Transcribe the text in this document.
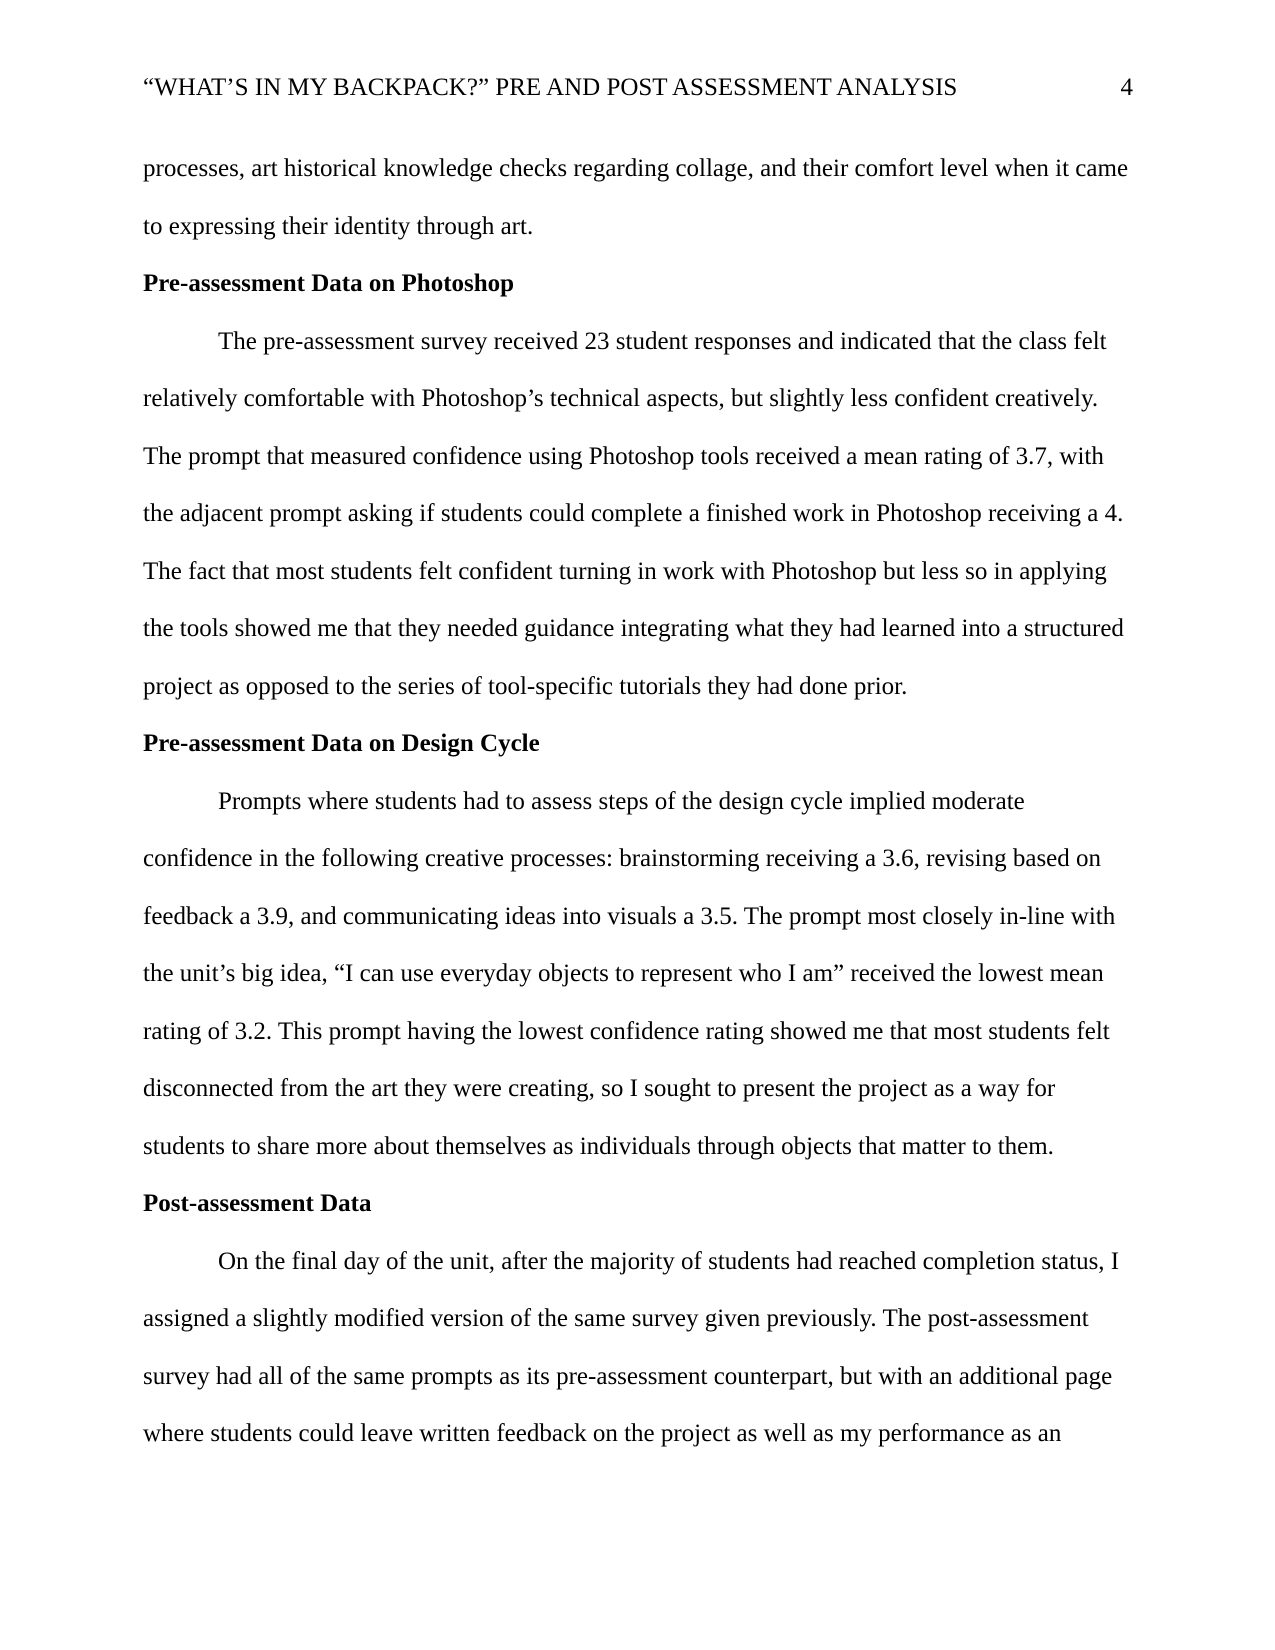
“WHAT’S IN MY BACKPACK?” PRE AND POST ASSESSMENT ANALYSIS	4
processes, art historical knowledge checks regarding collage, and their comfort level when it came to expressing their identity through art.
Pre-assessment Data on Photoshop
The pre-assessment survey received 23 student responses and indicated that the class felt relatively comfortable with Photoshop’s technical aspects, but slightly less confident creatively. The prompt that measured confidence using Photoshop tools received a mean rating of 3.7, with the adjacent prompt asking if students could complete a finished work in Photoshop receiving a 4. The fact that most students felt confident turning in work with Photoshop but less so in applying the tools showed me that they needed guidance integrating what they had learned into a structured project as opposed to the series of tool-specific tutorials they had done prior.
Pre-assessment Data on Design Cycle
Prompts where students had to assess steps of the design cycle implied moderate confidence in the following creative processes: brainstorming receiving a 3.6, revising based on feedback a 3.9, and communicating ideas into visuals a 3.5. The prompt most closely in-line with the unit’s big idea, “I can use everyday objects to represent who I am” received the lowest mean rating of 3.2. This prompt having the lowest confidence rating showed me that most students felt disconnected from the art they were creating, so I sought to present the project as a way for students to share more about themselves as individuals through objects that matter to them.
Post-assessment Data
On the final day of the unit, after the majority of students had reached completion status, I assigned a slightly modified version of the same survey given previously. The post-assessment survey had all of the same prompts as its pre-assessment counterpart, but with an additional page where students could leave written feedback on the project as well as my performance as an
